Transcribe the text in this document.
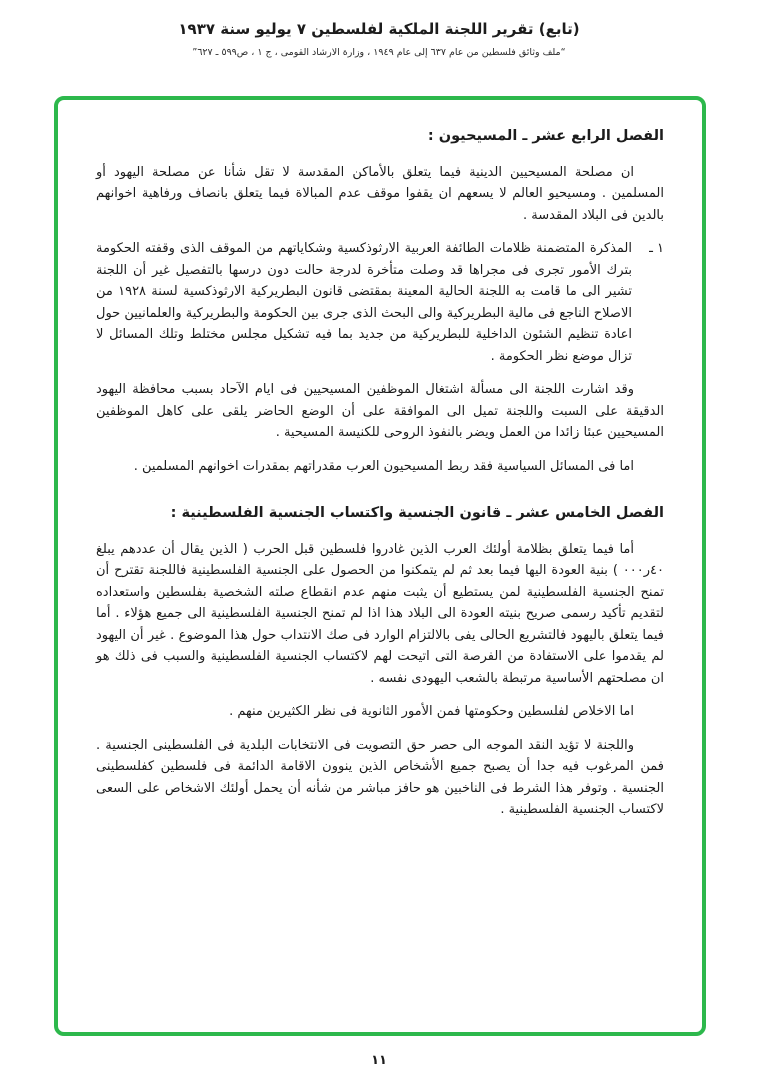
(تابع) تقرير اللجنة الملكية لفلسطين ٧ يوليو سنة ١٩٣٧
“ملف وثائق فلسطين من عام ٦٣٧ إلى عام ١٩٤٩ ، وزارة الارشاد القومى ، ج ١ ، ص٥٩٩ ـ ٦٢٧”
الفصل الرابع عشر ـ المسيحيون :

ان مصلحة المسيحيين الدينية فيما يتعلق بالأماكن المقدسة لا تقل شأنا عن مصلحة اليهود أو المسلمين . ومسيحيو العالم لا يسعهم ان يقفوا موقف عدم المبالاة فيما يتعلق بانصاف ورفاهية اخوانهم بالدين فى البلاد المقدسة .

١ ـ
المذكرة المتضمنة ظلامات الطائفة العربية الارثوذكسية وشكاياتهم من الموقف الذى وقفته الحكومة بترك الأمور تجرى فى مجراها قد وصلت متأخرة لدرجة حالت دون درسها بالتفصيل غير أن اللجنة تشير الى ما قامت به اللجنة الحالية المعينة بمقتضى قانون البطريركية الارثوذكسية لسنة ١٩٢٨ من الاصلاح الناجع فى مالية البطريركية والى البحث الذى جرى بين الحكومة والبطريركية والعلمانيين حول اعادة تنظيم الشئون الداخلية للبطريركية من جديد بما فيه تشكيل مجلس مختلط وتلك المسائل لا تزال موضع نظر الحكومة .

وقد اشارت اللجنة الى مسألة اشتغال الموظفين المسيحيين فى ايام الآحاد بسبب محافظة اليهود الدقيقة على السبت واللجنة تميل الى الموافقة على أن الوضع الحاضر يلقى على كاهل الموظفين المسيحيين عبئا زائدا من العمل ويضر بالنفوذ الروحى للكنيسة المسيحية .

اما فى المسائل السياسية فقد ربط المسيحيون العرب مقدراتهم بمقدرات اخوانهم المسلمين .

الفصل الخامس عشر ـ قانون الجنسية واكتساب الجنسية الفلسطينية :

أما فيما يتعلق بظلامة أولئك العرب الذين غادروا فلسطين قبل الحرب ( الذين يقال أن عددهم يبلغ ٤٠ر٠٠٠ ) بنية العودة اليها فيما بعد ثم لم يتمكنوا من الحصول على الجنسية الفلسطينية فاللجنة تقترح أن تمنح الجنسية الفلسطينية لمن يستطيع أن يثبت منهم عدم انقطاع صلته الشخصية بفلسطين واستعداده لتقديم تأكيد رسمى صريح بنيته العودة الى البلاد هذا اذا لم تمنح الجنسية الفلسطينية الى جميع هؤلاء . أما فيما يتعلق باليهود فالتشريع الحالى يفى بالالتزام الوارد فى صك الانتداب حول هذا الموضوع . غير أن اليهود لم يقدموا على الاستفادة من الفرصة التى اتيحت لهم لاكتساب الجنسية الفلسطينية والسبب فى ذلك هو ان مصلحتهم الأساسية مرتبطة بالشعب اليهودى نفسه .

اما الاخلاص لفلسطين وحكومتها فمن الأمور الثانوية فى نظر الكثيرين منهم .

واللجنة لا تؤيد النقد الموجه الى حصر حق التصويت فى الانتخابات البلدية فى الفلسطينى الجنسية . فمن المرغوب فيه جدا أن يصبح جميع الأشخاص الذين ينوون الاقامة الدائمة فى فلسطين كفلسطينى الجنسية . وتوفر هذا الشرط فى الناخبين هو حافز مباشر من شأنه أن يحمل أولئك الاشخاص على السعى لاكتساب الجنسية الفلسطينية .

١١
